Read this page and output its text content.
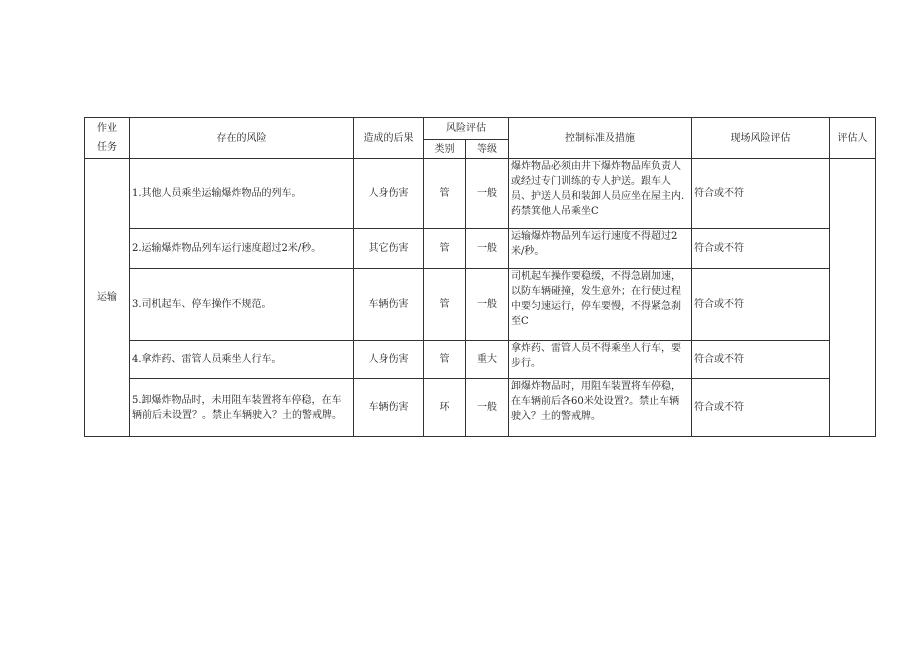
作业
任务	存在的风险	造成的后果	风险评估		控制标准及措施	现场风险评估	评估人
			类别	等级			
运输	1.其他人员乘坐运输爆炸物品的列车。	人身伤害	管	一般	爆炸物品必须由井下爆炸物品库负责人或经过专门训练的专人护送。跟车人员、护送人员和装卸人员应坐在屋主内.药禁箕他人吊乘坐C	符合或不符	
	2.运输爆炸物品列车运行速度超过2米/秒。	其它伤害	管	一般	运输爆炸物品列车运行速度不得超过2米/秒。	符合或不符	
	3.司机起车、停车操作不规范。	车辆伤害	管	一般	司机起车操作要稳缓，不得急剧加速，以防车辆碰撞，发生意外；在行使过程中要匀速运行，停车要慢，不得紧急刹至C	符合或不符	
	4.拿炸药、雷管人员乘坐人行车。	人身伤害	管	重大	拿炸药、雷管人员不得乘坐人行车，要步行。	符合或不符	
	5.卸爆炸物品时，未用阻车装置将车停稳，在车辆前后未设置？。禁止车辆驶入？土的警戒牌。	车辆伤害	环	一般	卸爆炸物品时，用阻车装置将车停稳，在车辆前后各60米处设置?。禁止车辆驶入？土的警戒牌。	符合或不符	
